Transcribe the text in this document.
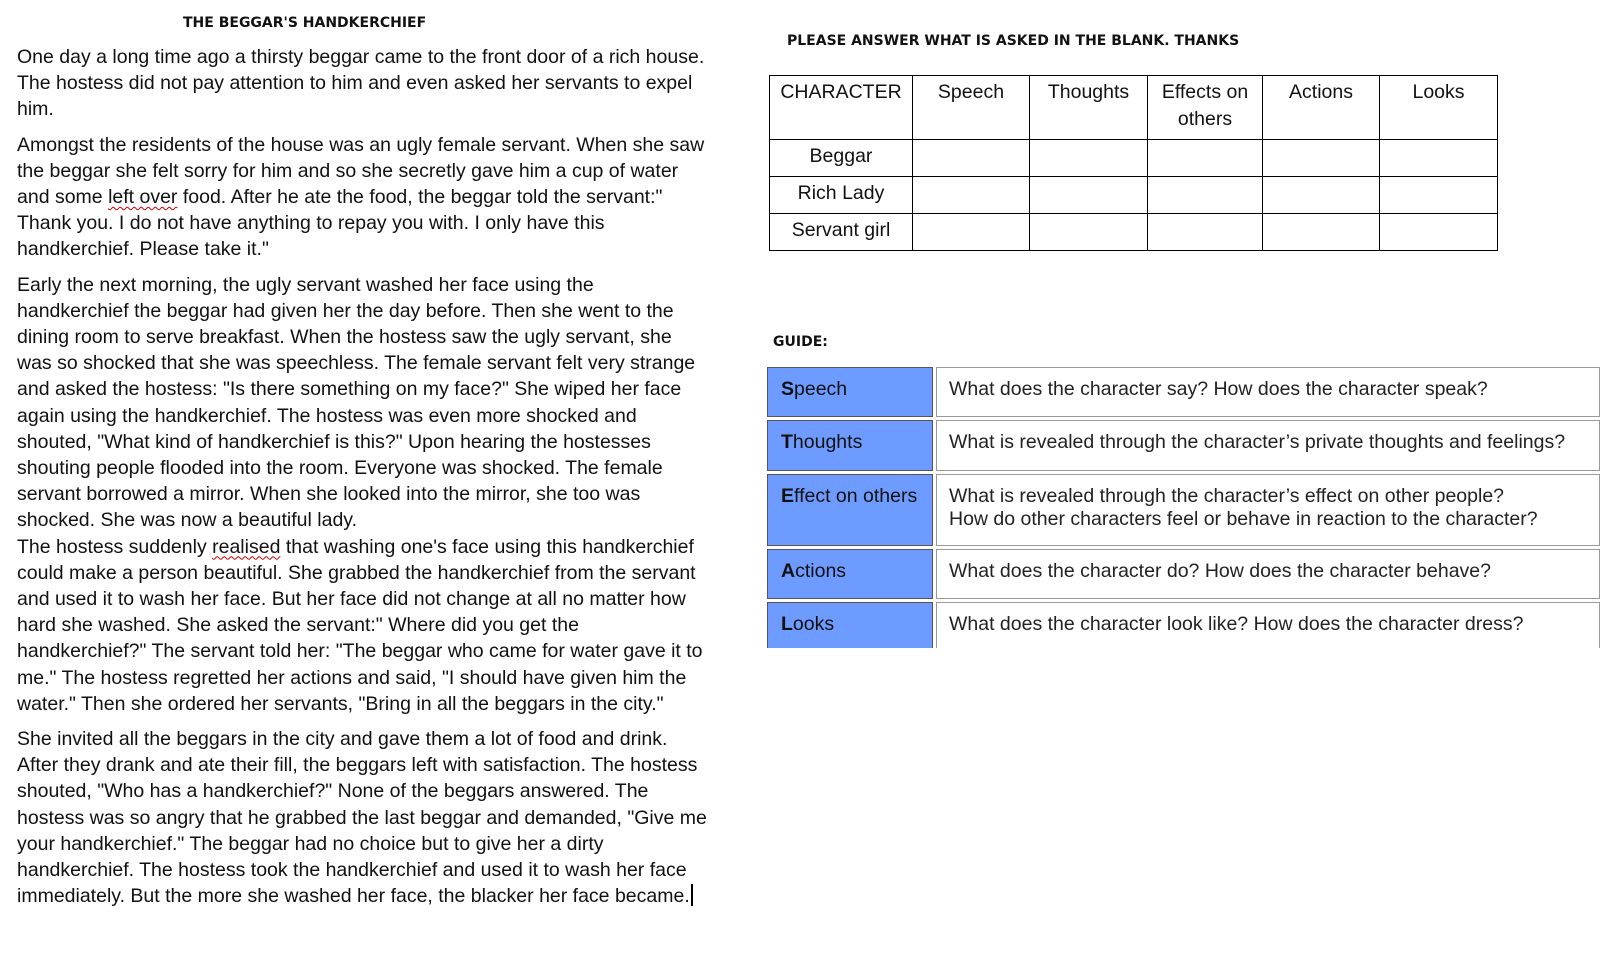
THE BEGGAR'S HANDKERCHIEF

One day a long time ago a thirsty beggar came to the front door of a rich house. The hostess did not pay attention to him and even asked her servants to expel him.

Amongst the residents of the house was an ugly female servant. When she saw the beggar she felt sorry for him and so she secretly gave him a cup of water and some left over food. After he ate the food, the beggar told the servant:" Thank you. I do not have anything to repay you with. I only have this handkerchief. Please take it."

Early the next morning, the ugly servant washed her face using the handkerchief the beggar had given her the day before. Then she went to the dining room to serve breakfast. When the hostess saw the ugly servant, she was so shocked that she was speechless. The female servant felt very strange and asked the hostess: "Is there something on my face?" She wiped her face again using the handkerchief. The hostess was even more shocked and shouted, "What kind of handkerchief is this?" Upon hearing the hostesses shouting people flooded into the room. Everyone was shocked. The female servant borrowed a mirror. When she looked into the mirror, she too was shocked. She was now a beautiful lady.

The hostess suddenly realised that washing one's face using this handkerchief could make a person beautiful. She grabbed the handkerchief from the servant and used it to wash her face. But her face did not change at all no matter how hard she washed. She asked the servant:" Where did you get the handkerchief?" The servant told her: "The beggar who came for water gave it to me." The hostess regretted her actions and said, "I should have given him the water." Then she ordered her servants, "Bring in all the beggars in the city."

She invited all the beggars in the city and gave them a lot of food and drink. After they drank and ate their fill, the beggars left with satisfaction. The hostess shouted, "Who has a handkerchief?" None of the beggars answered. The hostess was so angry that he grabbed the last beggar and demanded, "Give me your handkerchief." The beggar had no choice but to give her a dirty handkerchief. The hostess took the handkerchief and used it to wash her face immediately. But the more she washed her face, the blacker her face became.

PLEASE ANSWER WHAT IS ASKED IN THE BLANK. THANKS
CHARACTER	Speech	Thoughts	Effects on others	Actions	Looks
Beggar					
Rich Lady					
Servant girl					
GUIDE:
Speech	What does the character say? How does the character speak?
Thoughts	What is revealed through the character’s private thoughts and feelings?
Effect on others	What is revealed through the character’s effect on other people?
How do other characters feel or behave in reaction to the character?
Actions	What does the character do? How does the character behave?
Looks	What does the character look like? How does the character dress?
